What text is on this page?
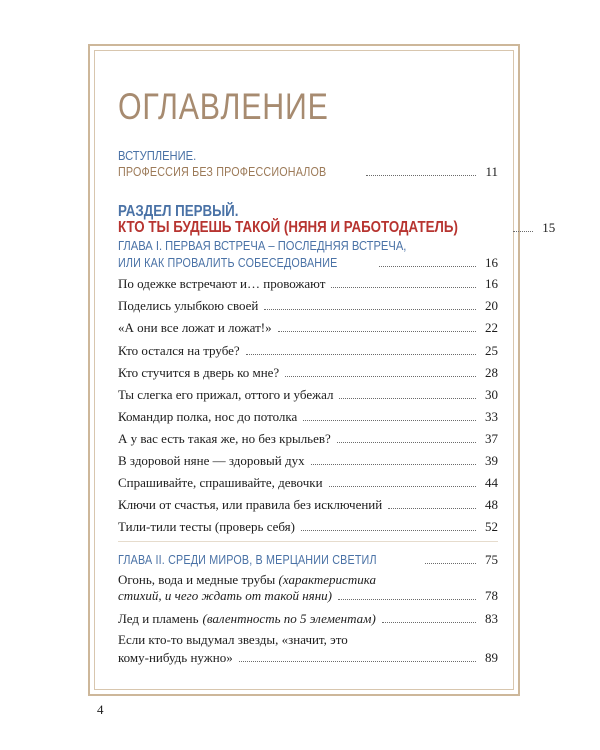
ОГЛАВЛЕНИЕ
ВСТУПЛЕНИЕ.
ПРОФЕССИЯ БЕЗ ПРОФЕССИОНАЛОВ	11
РАЗДЕЛ ПЕРВЫЙ.
КТО ТЫ БУДЕШЬ ТАКОЙ (НЯНЯ И РАБОТОДАТЕЛЬ)	15
ГЛАВА I. ПЕРВАЯ ВСТРЕЧА – ПОСЛЕДНЯЯ ВСТРЕЧА,
ИЛИ КАК ПРОВАЛИТЬ СОБЕСЕДОВАНИЕ	16
По одежке встречают и… провожают	16
Поделись улыбкою своей	20
«А они все ложат и ложат!»	22
Кто остался на трубе?	25
Кто стучится в дверь ко мне?	28
Ты слегка его прижал, оттого и убежал	30
Командир полка, нос до потолка	33
А у вас есть такая же, но без крыльев?	37
В здоровой няне — здоровый дух	39
Спрашивайте, спрашивайте, девочки	44
Ключи от счастья, или правила без исключений	48
Тили-тили тесты (проверь себя)	52
ГЛАВА II. СРЕДИ МИРОВ, В МЕРЦАНИИ СВЕТИЛ	75
Огонь, вода и медные трубы (характеристика
стихий, и чего ждать от такой няни)	78
Лед и пламень (валентность по 5 элементам)	83
Если кто-то выдумал звезды, «значит, это
кому-нибудь нужно»	89
4
